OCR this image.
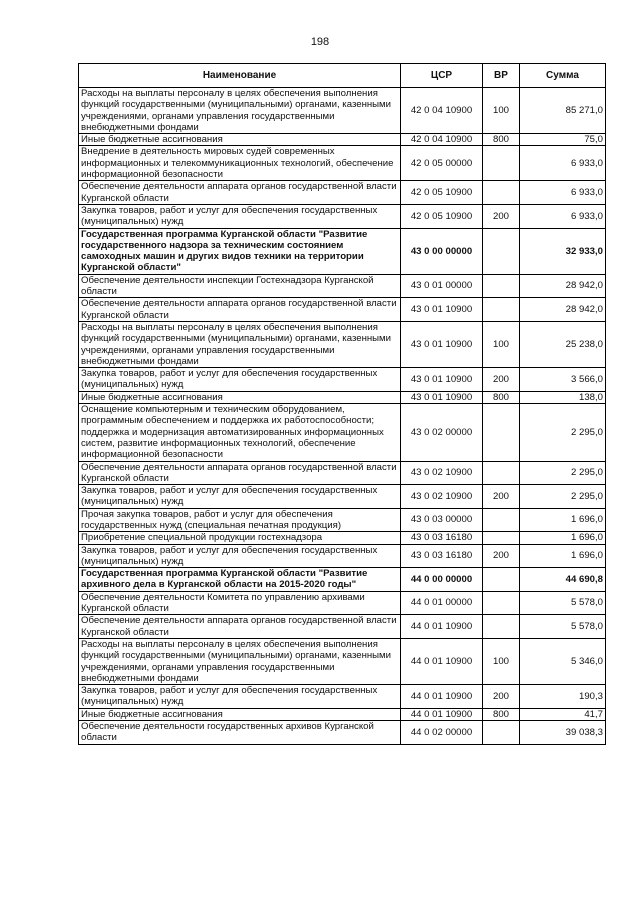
198
Наименование	ЦСР	ВР	Сумма
Расходы на выплаты персоналу в целях обеспечения выполнения функций государственными (муниципальными) органами, казенными учреждениями, органами управления государственными внебюджетными фондами	42 0 04 10900	100	85 271,0
Иные бюджетные ассигнования	42 0 04 10900	800	75,0
Внедрение в деятельность мировых судей современных информационных и телекоммуникационных технологий, обеспечение информационной безопасности	42 0 05 00000		6 933,0
Обеспечение деятельности аппарата органов государственной власти Курганской области	42 0 05 10900		6 933,0
Закупка товаров, работ и услуг для обеспечения государственных (муниципальных) нужд	42 0 05 10900	200	6 933,0
Государственная программа Курганской области "Развитие государственного надзора за техническим состоянием самоходных машин и других видов техники на территории Курганской области"	43 0 00 00000		32 933,0
Обеспечение деятельности инспекции Гостехнадзора Курганской области	43 0 01 00000		28 942,0
Обеспечение деятельности аппарата органов государственной власти Курганской области	43 0 01 10900		28 942,0
Расходы на выплаты персоналу в целях обеспечения выполнения функций государственными (муниципальными) органами, казенными учреждениями, органами управления государственными внебюджетными фондами	43 0 01 10900	100	25 238,0
Закупка товаров, работ и услуг для обеспечения государственных (муниципальных) нужд	43 0 01 10900	200	3 566,0
Иные бюджетные ассигнования	43 0 01 10900	800	138,0
Оснащение компьютерным и техническим оборудованием, программным обеспечением и поддержка их работоспособности; поддержка и модернизация автоматизированных информационных систем, развитие информационных технологий, обеспечение информационной безопасности	43 0 02 00000		2 295,0
Обеспечение деятельности аппарата органов государственной власти Курганской области	43 0 02 10900		2 295,0
Закупка товаров, работ и услуг для обеспечения государственных (муниципальных) нужд	43 0 02 10900	200	2 295,0
Прочая закупка товаров, работ и услуг для обеспечения государственных нужд (специальная печатная продукция)	43 0 03 00000		1 696,0
Приобретение специальной продукции гостехнадзора	43 0 03 16180		1 696,0
Закупка товаров, работ и услуг для обеспечения государственных (муниципальных) нужд	43 0 03 16180	200	1 696,0
Государственная программа Курганской области "Развитие архивного дела в Курганской области на 2015-2020 годы"	44 0 00 00000		44 690,8
Обеспечение деятельности Комитета по управлению архивами Курганской области	44 0 01 00000		5 578,0
Обеспечение деятельности аппарата органов государственной власти Курганской области	44 0 01 10900		5 578,0
Расходы на выплаты персоналу в целях обеспечения выполнения функций государственными (муниципальными) органами, казенными учреждениями, органами управления государственными внебюджетными фондами	44 0 01 10900	100	5 346,0
Закупка товаров, работ и услуг для обеспечения государственных (муниципальных) нужд	44 0 01 10900	200	190,3
Иные бюджетные ассигнования	44 0 01 10900	800	41,7
Обеспечение деятельности государственных архивов Курганской области	44 0 02 00000		39 038,3
